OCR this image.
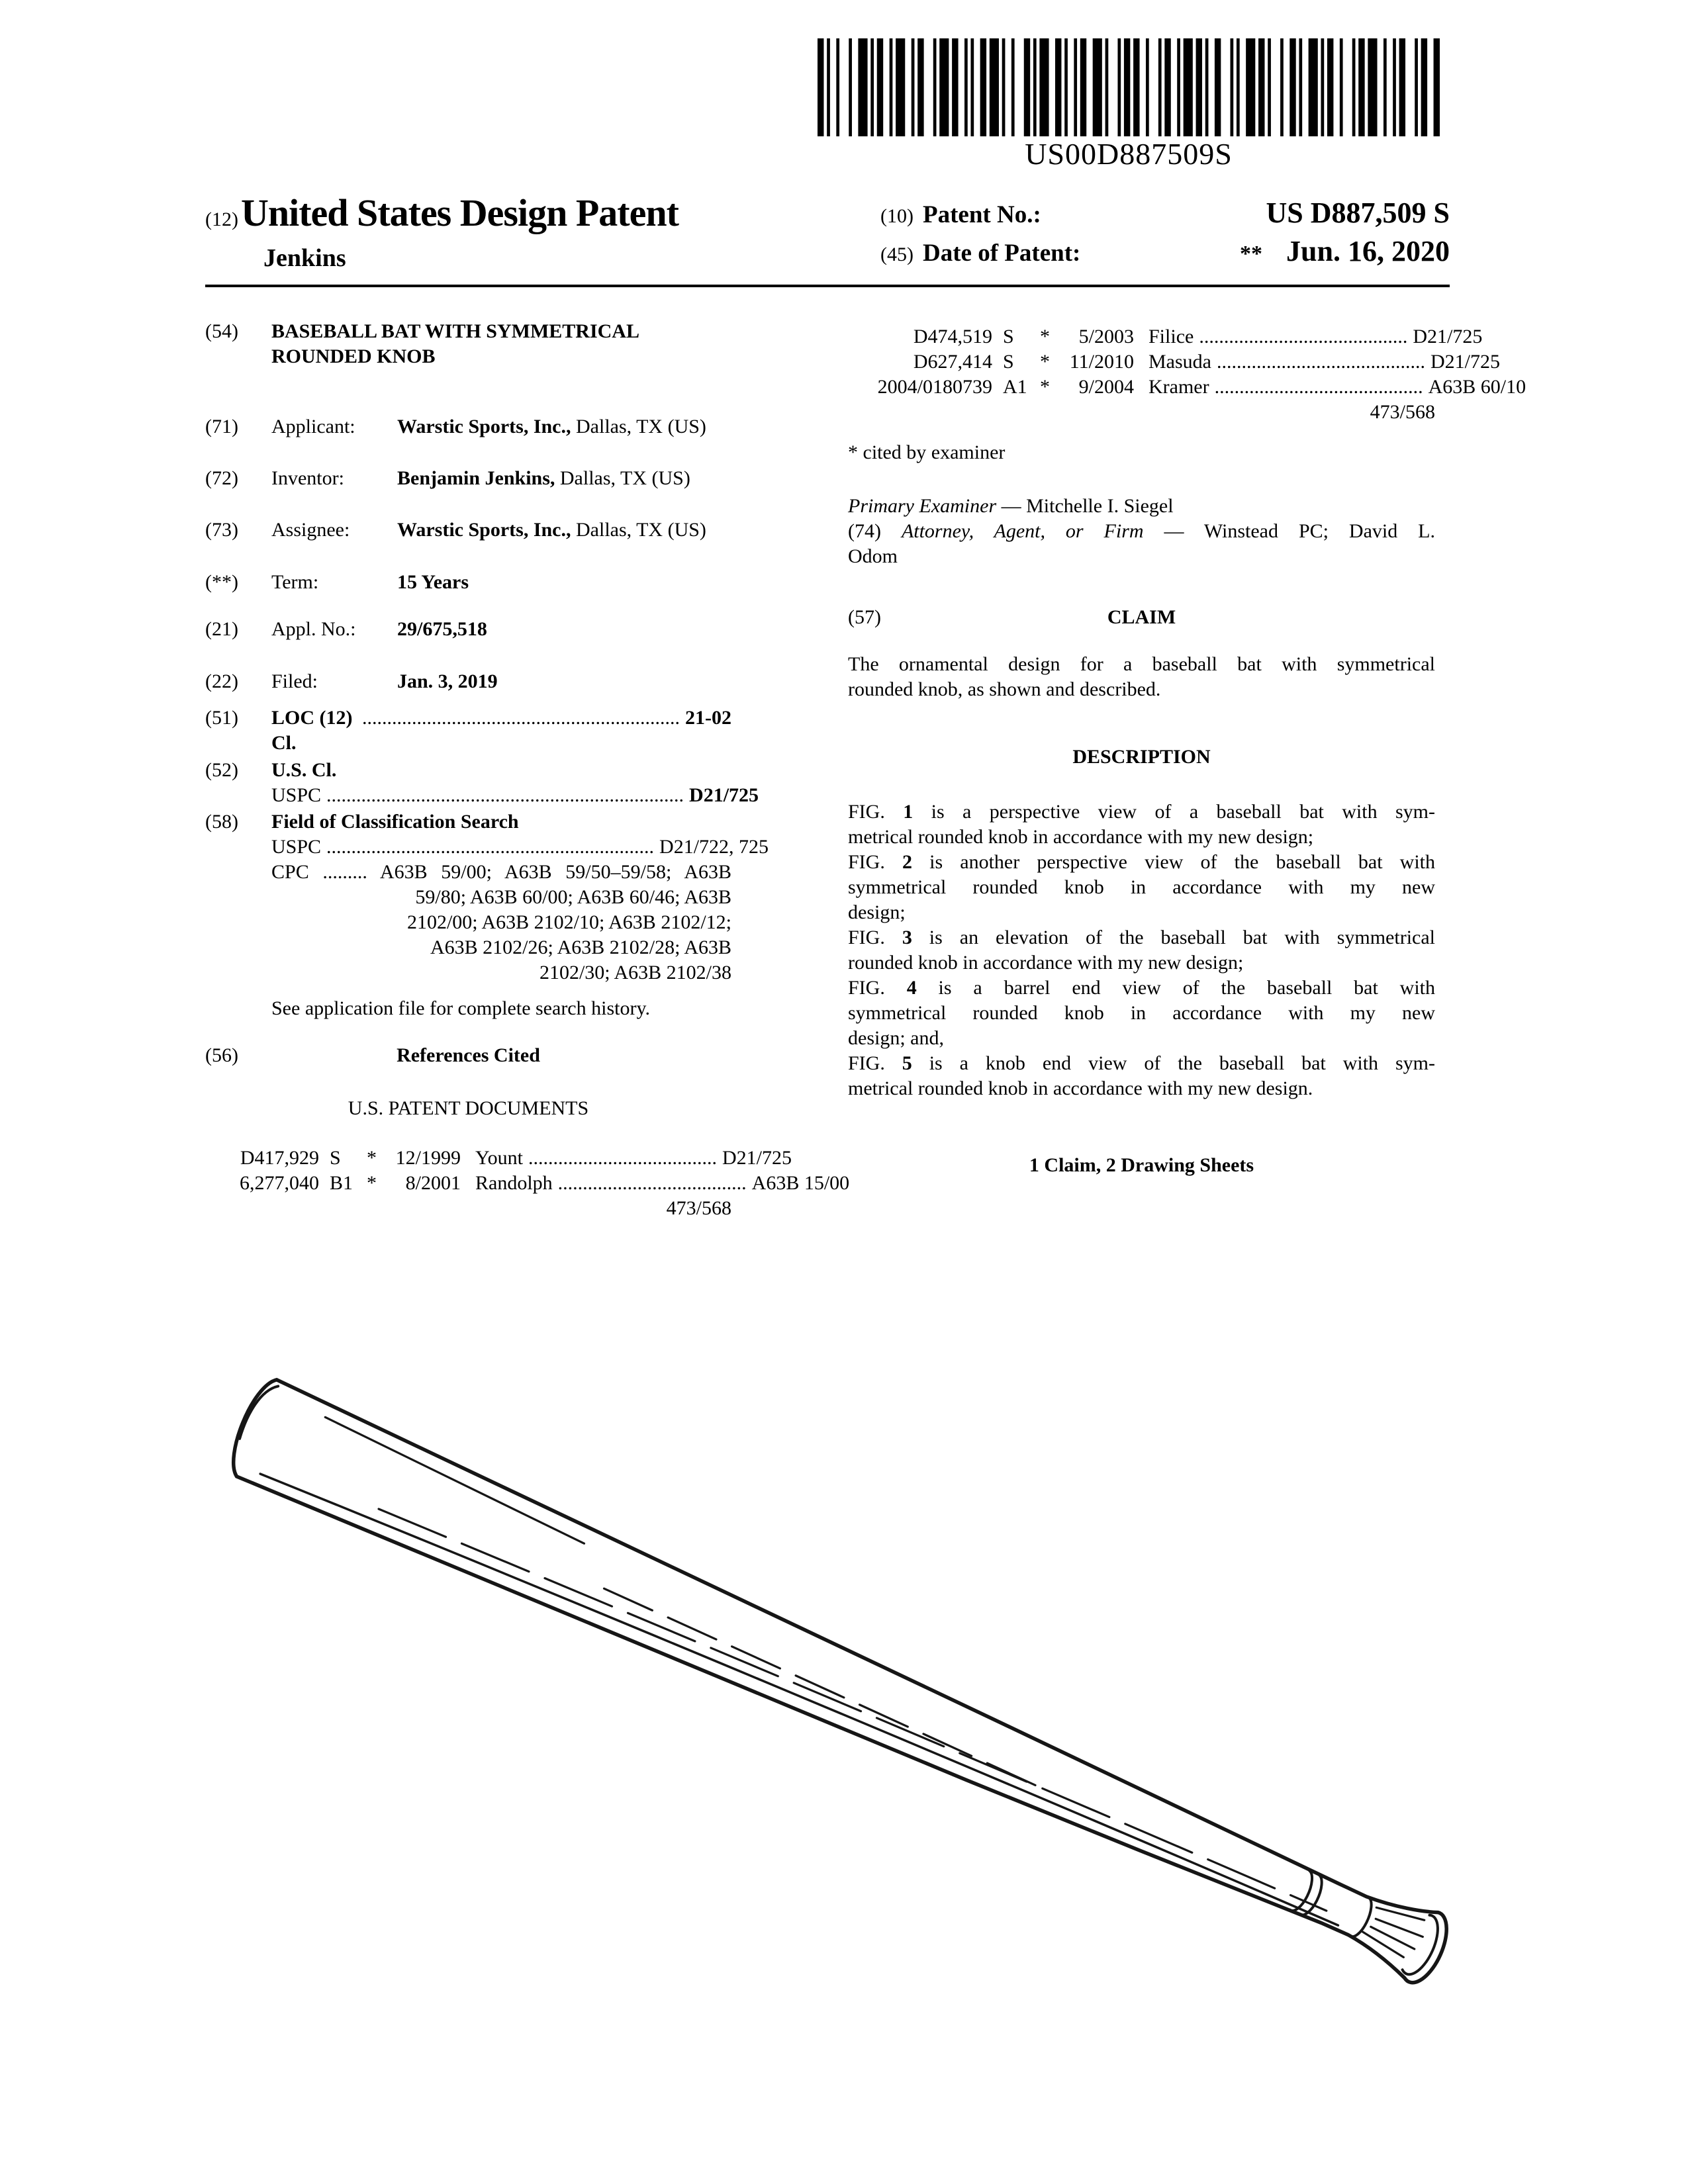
US00D887509S
(12) United States Design Patent
Jenkins
(10) Patent No.:	US D887,509 S
(45) Date of Patent:	** Jun. 16, 2020
(54)	BASEBALL BAT WITH SYMMETRICAL
ROUNDED KNOB
(71)	Applicant: Warstic Sports, Inc., Dallas, TX (US)
(72)	Inventor:	Benjamin Jenkins, Dallas, TX (US)
(73)	Assignee: Warstic Sports, Inc., Dallas, TX (US)
(**)	Term:	15 Years
(21)	Appl. No.: 29/675,518
(22)	Filed:	Jan. 3, 2019
(51)	LOC (12) Cl.
................................................................ 21-02
(52)	U.S. Cl.
USPC ........................................................................ D21/725
(58)	Field of Classification Search
USPC .................................................................. D21/722, 725
CPC ......... A63B 59/00; A63B 59/50–59/58; A63B
59/80; A63B 60/00; A63B 60/46; A63B
2102/00; A63B 2102/10; A63B 2102/12;
A63B 2102/26; A63B 2102/28; A63B
2102/30; A63B 2102/38
See application file for complete search history.
(56)	References Cited
U.S. PATENT DOCUMENTS
D417,929 S	* 12/1999 Yount ...................................... D21/725
6,277,040 B1 *	8/2001 Randolph ...................................... A63B 15/00
473/568
D474,519 S	*	5/2003 Filice .......................................... D21/725
D627,414 S	* 11/2010 Masuda .......................................... D21/725
2004/0180739 A1 *	9/2004 Kramer .......................................... A63B 60/10
473/568
* cited by examiner
Primary Examiner — Mitchelle I. Siegel
(74) Attorney, Agent, or Firm — Winstead PC; David L.
Odom
(57)	CLAIM
The ornamental design for a baseball bat with symmetrical
rounded knob, as shown and described.
DESCRIPTION
FIG. 1 is a perspective view of a baseball bat with sym-
metrical rounded knob in accordance with my new design;
FIG. 2 is another perspective view of the baseball bat with
symmetrical rounded knob in accordance with my new
design;
FIG. 3 is an elevation of the baseball bat with symmetrical
rounded knob in accordance with my new design;
FIG. 4 is a barrel end view of the baseball bat with
symmetrical rounded knob in accordance with my new
design; and,
FIG. 5 is a knob end view of the baseball bat with sym-
metrical rounded knob in accordance with my new design.
1 Claim, 2 Drawing Sheets
